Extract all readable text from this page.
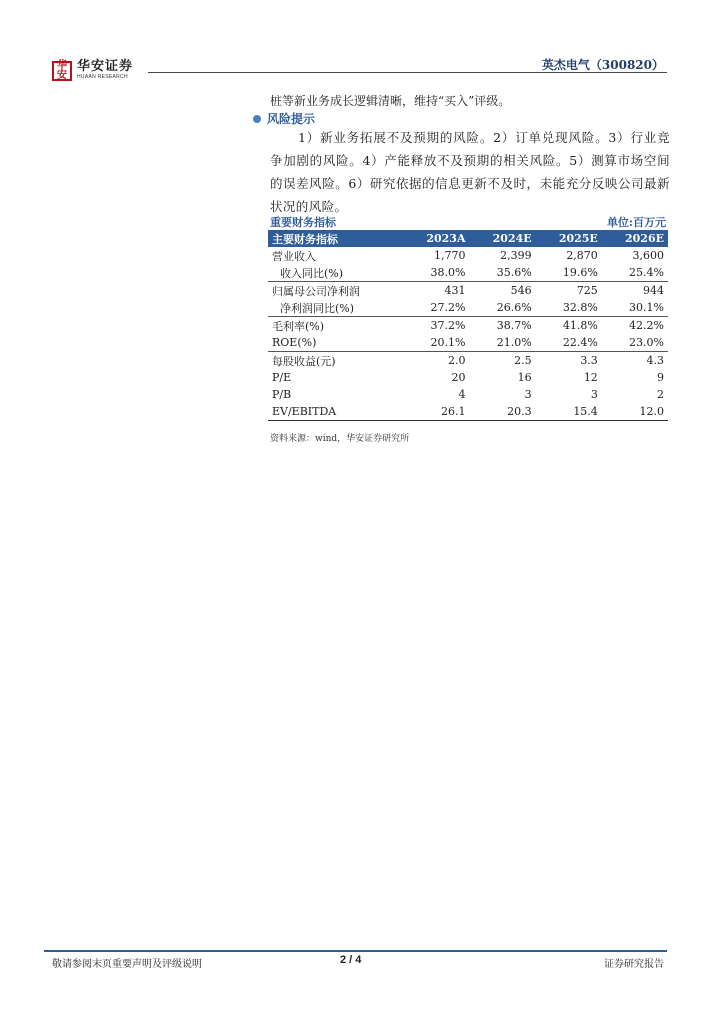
华安
华安证券
HUAAN RESEARCH
英杰电气（300820）
桩等新业务成长逻辑清晰，维持“买入”评级。
风险提示
1）新业务拓展不及预期的风险。2）订单兑现风险。3）行业竞争加剧的风险。4）产能释放不及预期的相关风险。5）测算市场空间的误差风险。6）研究依据的信息更新不及时，未能充分反映公司最新状况的风险。
重要财务指标	单位:百万元
主要财务指标	2023A	2024E	2025E	2026E
营业收入	1,770	2,399	2,870	3,600
收入同比(%)	38.0%	35.6%	19.6%	25.4%
归属母公司净利润	431	546	725	944
净利润同比(%)	27.2%	26.6%	32.8%	30.1%
毛利率(%)	37.2%	38.7%	41.8%	42.2%
ROE(%)	20.1%	21.0%	22.4%	23.0%
每股收益(元)	2.0	2.5	3.3	4.3
P/E	20	16	12	9
P/B	4	3	3	2
EV/EBITDA	26.1	20.3	15.4	12.0
资料来源：wind，华安证券研究所
敬请参阅末页重要声明及评级说明	2 / 4	证券研究报告
